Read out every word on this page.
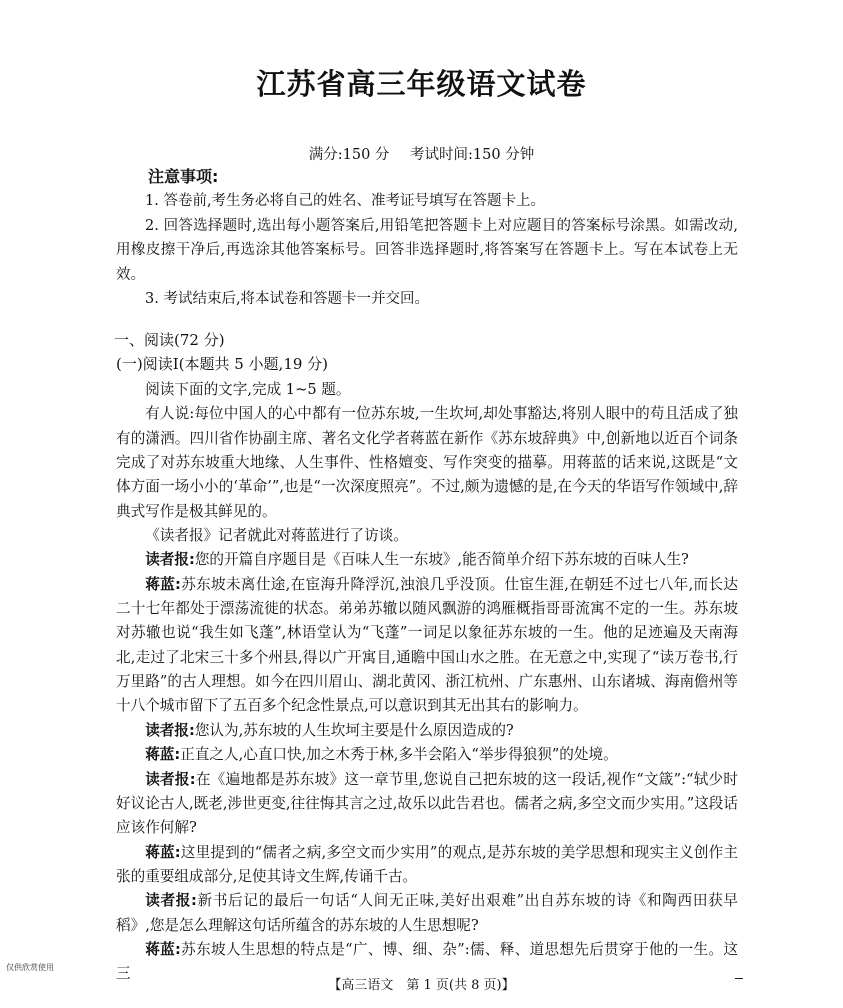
江苏省高三年级语文试卷
满分:150 分 考试时间:150 分钟
注意事项:

1. 答卷前,考生务必将自己的姓名、准考证号填写在答题卡上。

2. 回答选择题时,选出每小题答案后,用铅笔把答题卡上对应题目的答案标号涂黑。如需改动,用橡皮擦干净后,再选涂其他答案标号。回答非选择题时,将答案写在答题卡上。写在本试卷上无效。

3. 考试结束后,将本试卷和答题卡一并交回。

一、阅读(72 分)
(一)阅读Ⅰ(本题共 5 小题,19 分)

阅读下面的文字,完成 1~5 题。

有人说:每位中国人的心中都有一位苏东坡,一生坎坷,却处事豁达,将别人眼中的苟且活成了独有的潇洒。四川省作协副主席、著名文化学者蒋蓝在新作《苏东坡辞典》中,创新地以近百个词条完成了对苏东坡重大地缘、人生事件、性格嬗变、写作突变的描摹。用蒋蓝的话来说,这既是“文体方面一场小小的‘革命’”,也是“一次深度照亮”。不过,颇为遗憾的是,在今天的华语写作领域中,辞典式写作是极其鲜见的。

《读者报》记者就此对蒋蓝进行了访谈。

读者报:您的开篇自序题目是《百味人生一东坡》,能否简单介绍下苏东坡的百味人生?

蒋蓝:苏东坡未离仕途,在宦海升降浮沉,浊浪几乎没顶。仕宦生涯,在朝廷不过七八年,而长达二十七年都处于漂荡流徙的状态。弟弟苏辙以随风飘游的鸿雁概指哥哥流寓不定的一生。苏东坡对苏辙也说“我生如飞蓬”,林语堂认为“飞蓬”一词足以象征苏东坡的一生。他的足迹遍及天南海北,走过了北宋三十多个州县,得以广开寓目,通瞻中国山水之胜。在无意之中,实现了“读万卷书,行万里路”的古人理想。如今在四川眉山、湖北黄冈、浙江杭州、广东惠州、山东诸城、海南儋州等十八个城市留下了五百多个纪念性景点,可以意识到其无出其右的影响力。

读者报:您认为,苏东坡的人生坎坷主要是什么原因造成的?

蒋蓝:正直之人,心直口快,加之木秀于林,多半会陷入“举步得狼狈”的处境。

读者报:在《遍地都是苏东坡》这一章节里,您说自己把东坡的这一段话,视作“文箴”:“轼少时好议论古人,既老,涉世更变,往往悔其言之过,故乐以此告君也。儒者之病,多空文而少实用。”这段话应该作何解?

蒋蓝:这里提到的“儒者之病,多空文而少实用”的观点,是苏东坡的美学思想和现实主义创作主张的重要组成部分,足使其诗文生辉,传诵千古。

读者报:新书后记的最后一句话“人间无正味,美好出艰难”出自苏东坡的诗《和陶西田获早稻》,您是怎么理解这句话所蕴含的苏东坡的人生思想呢?

蒋蓝:苏东坡人生思想的特点是“广、博、细、杂”:儒、释、道思想先后贯穿于他的一生。这三

仅供欣赏使用
【高三语文　第 1 页(共 8 页)】
